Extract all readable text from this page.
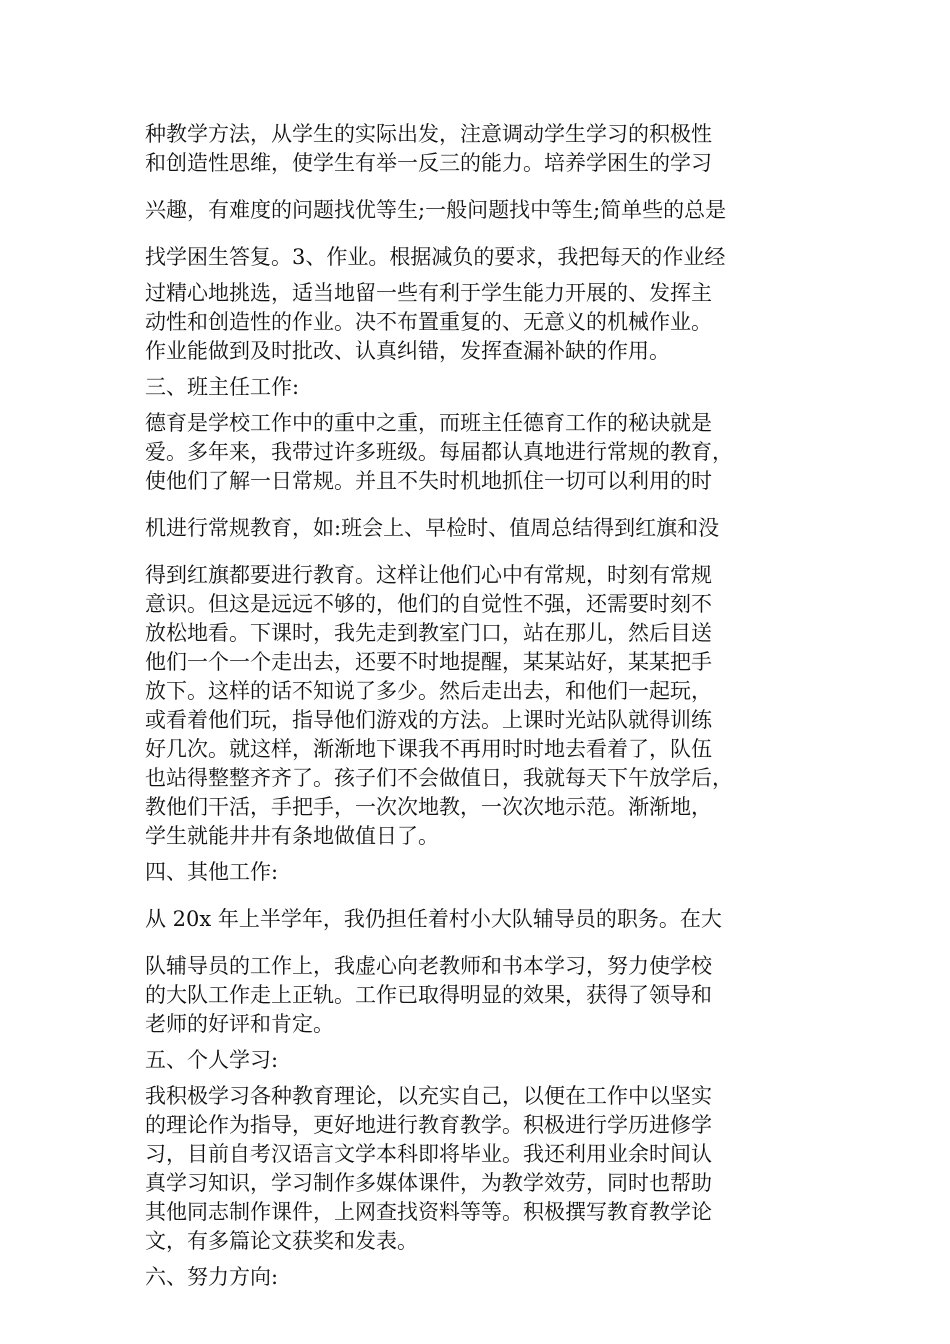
种教学方法，从学生的实际出发，注意调动学生学习的积极性
和创造性思维，使学生有举一反三的能力。培养学困生的学习
兴趣，有难度的问题找优等生;一般问题找中等生;简单些的总是
找学困生答复。3、作业。根据减负的要求，我把每天的作业经
过精心地挑选，适当地留一些有利于学生能力开展的、发挥主
动性和创造性的作业。决不布置重复的、无意义的机械作业。
作业能做到及时批改、认真纠错，发挥查漏补缺的作用。
三、班主任工作:
德育是学校工作中的重中之重，而班主任德育工作的秘诀就是
爱。多年来，我带过许多班级。每届都认真地进行常规的教育，
使他们了解一日常规。并且不失时机地抓住一切可以利用的时
机进行常规教育，如:班会上、早检时、值周总结得到红旗和没
得到红旗都要进行教育。这样让他们心中有常规，时刻有常规
意识。但这是远远不够的，他们的自觉性不强，还需要时刻不
放松地看。下课时，我先走到教室门口，站在那儿，然后目送
他们一个一个走出去，还要不时地提醒，某某站好，某某把手
放下。这样的话不知说了多少。然后走出去，和他们一起玩，
或看着他们玩，指导他们游戏的方法。上课时光站队就得训练
好几次。就这样，渐渐地下课我不再用时时地去看着了，队伍
也站得整整齐齐了。孩子们不会做值日，我就每天下午放学后，
教他们干活，手把手，一次次地教，一次次地示范。渐渐地，
学生就能井井有条地做值日了。
四、其他工作:
从 20x 年上半学年，我仍担任着村小大队辅导员的职务。在大
队辅导员的工作上，我虚心向老教师和书本学习，努力使学校
的大队工作走上正轨。工作已取得明显的效果，获得了领导和
老师的好评和肯定。
五、个人学习:
我积极学习各种教育理论，以充实自己，以便在工作中以坚实
的理论作为指导，更好地进行教育教学。积极进行学历进修学
习，目前自考汉语言文学本科即将毕业。我还利用业余时间认
真学习知识，学习制作多媒体课件，为教学效劳，同时也帮助
其他同志制作课件，上网查找资料等等。积极撰写教育教学论
文，有多篇论文获奖和发表。
六、努力方向:
